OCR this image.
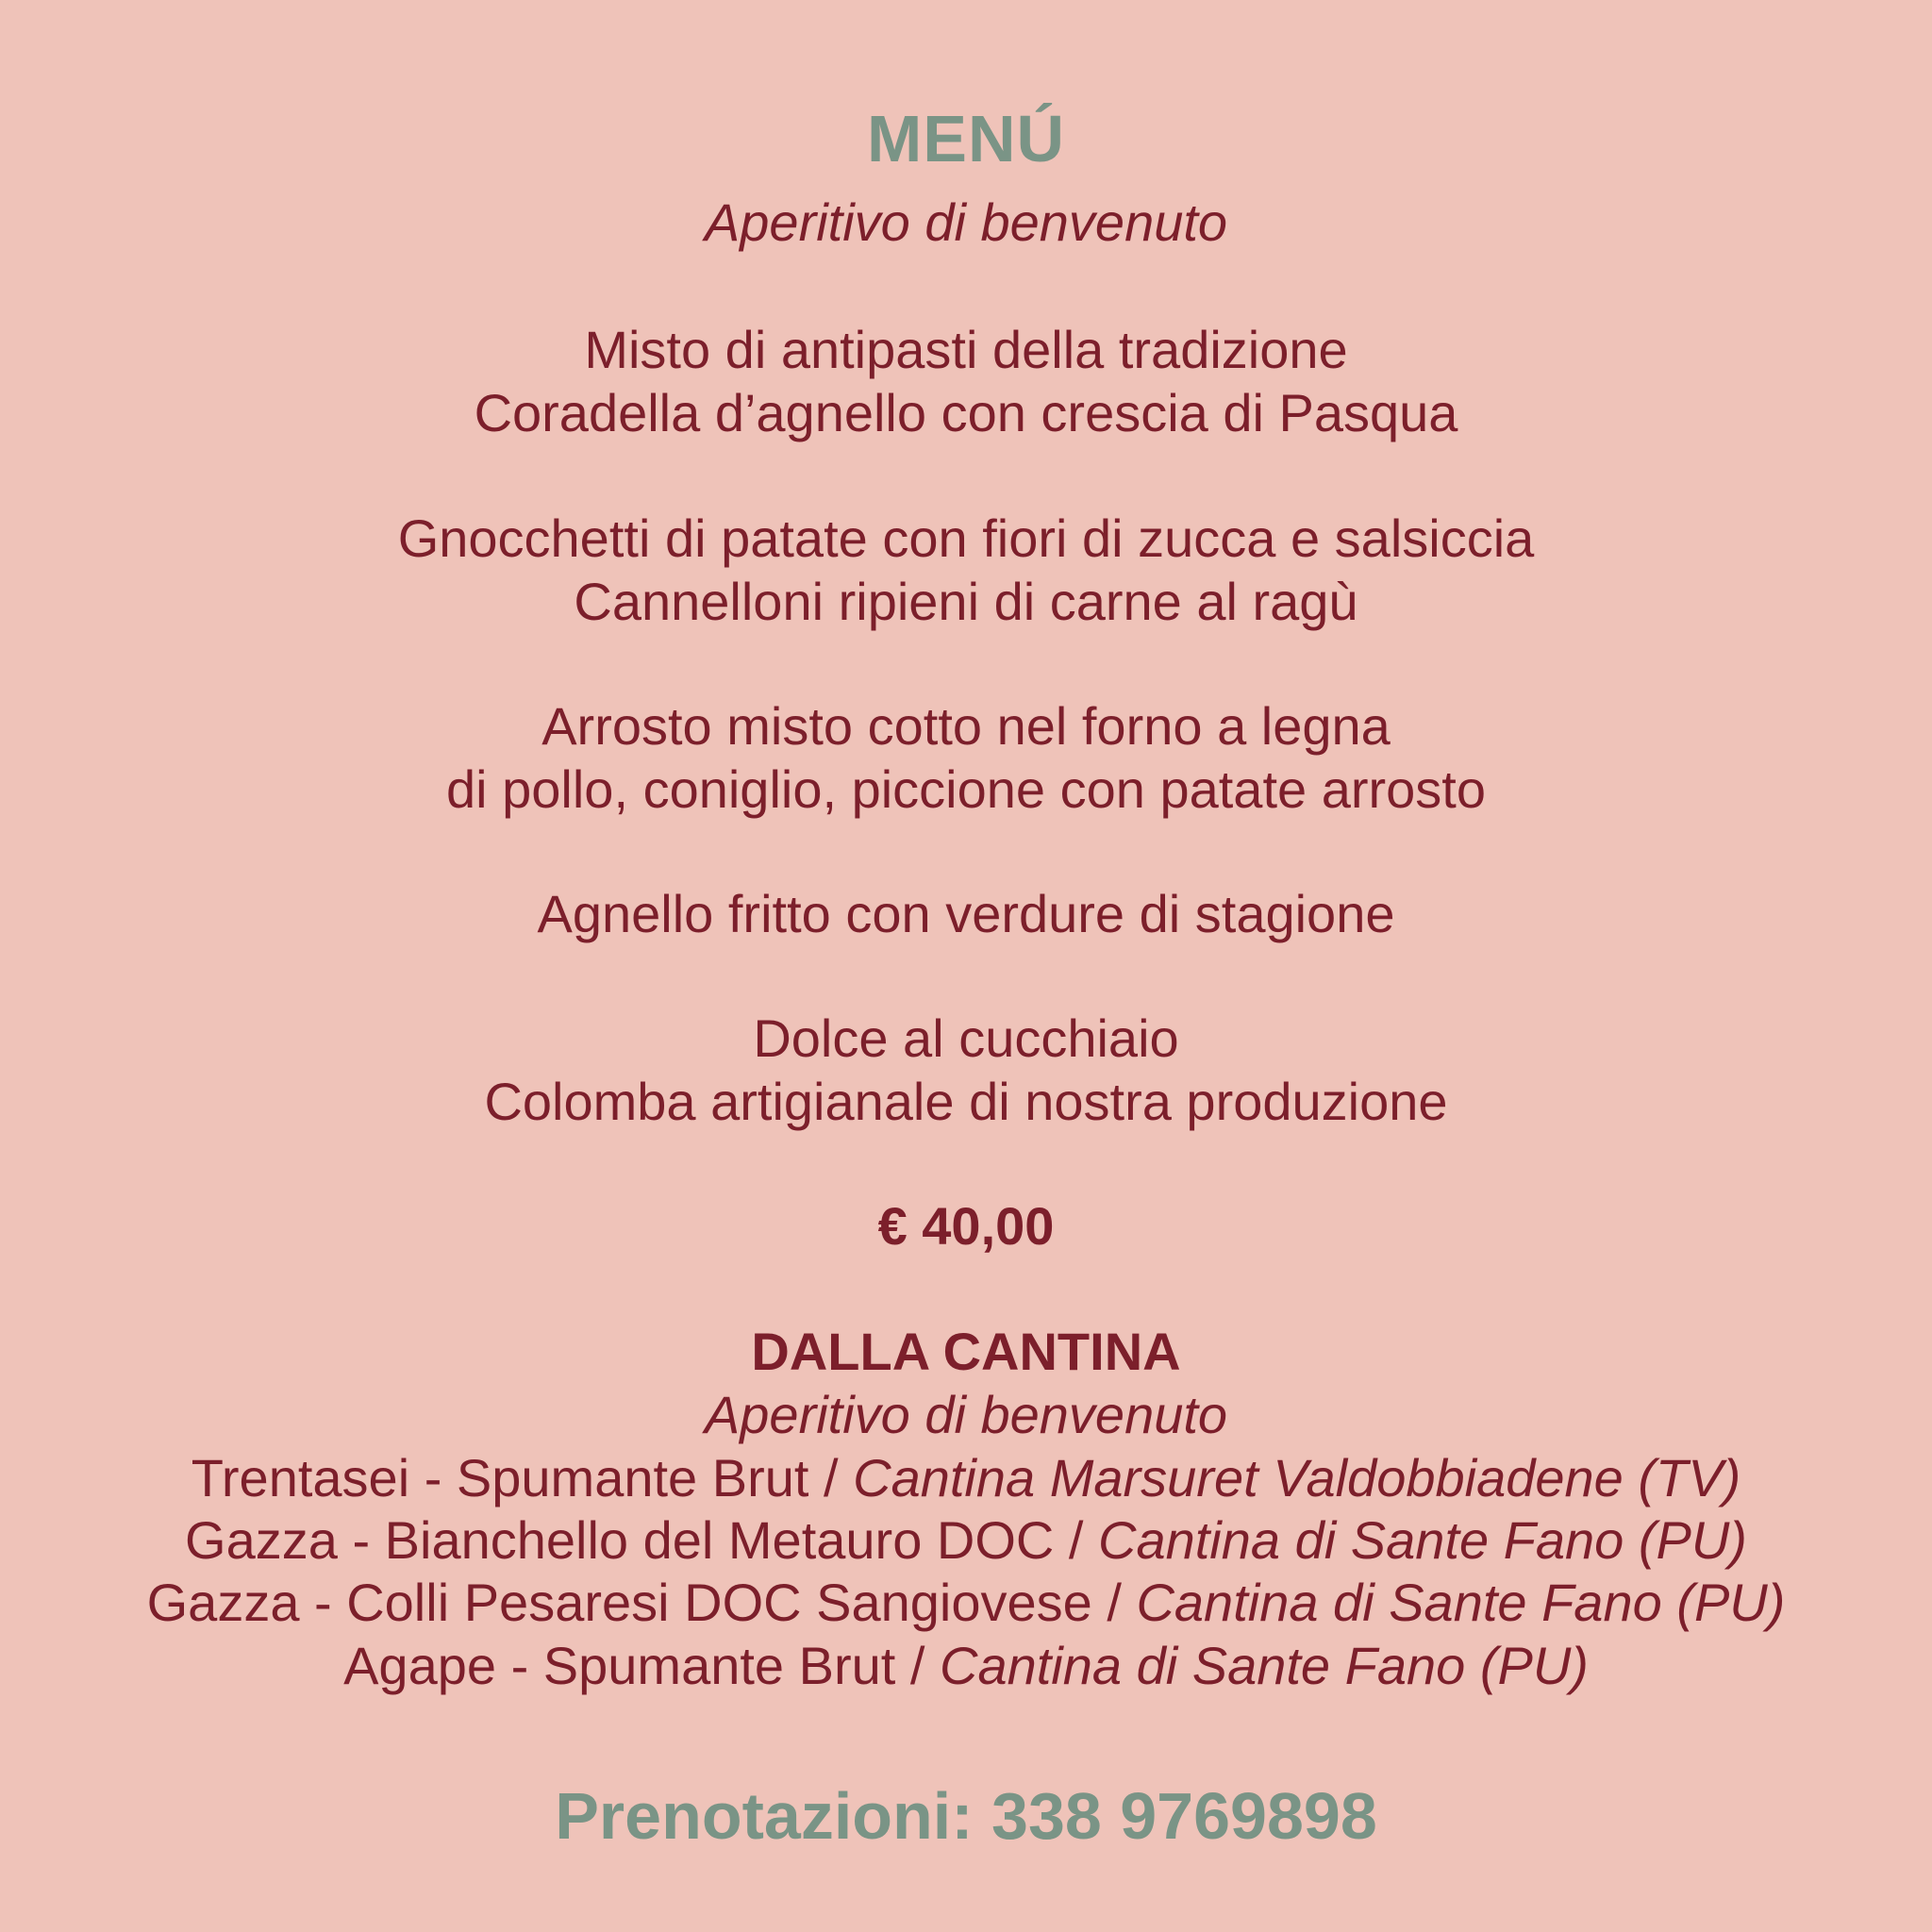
MENÚ
Aperitivo di benvenuto
Misto di antipasti della tradizione
Coradella d’agnello con crescia di Pasqua
Gnocchetti di patate con fiori di zucca e salsiccia
Cannelloni ripieni di carne al ragù
Arrosto misto cotto nel forno a legna
di pollo, coniglio, piccione con patate arrosto
Agnello fritto con verdure di stagione
Dolce al cucchiaio
Colomba artigianale di nostra produzione
€ 40,00
DALLA CANTINA
Aperitivo di benvenuto
Trentasei - Spumante Brut / Cantina Marsuret Valdobbiadene (TV)
Gazza - Bianchello del Metauro DOC / Cantina di Sante Fano (PU)
Gazza - Colli Pesaresi DOC Sangiovese / Cantina di Sante Fano (PU)
Agape - Spumante Brut / Cantina di Sante Fano (PU)
Prenotazioni: 338 9769898
